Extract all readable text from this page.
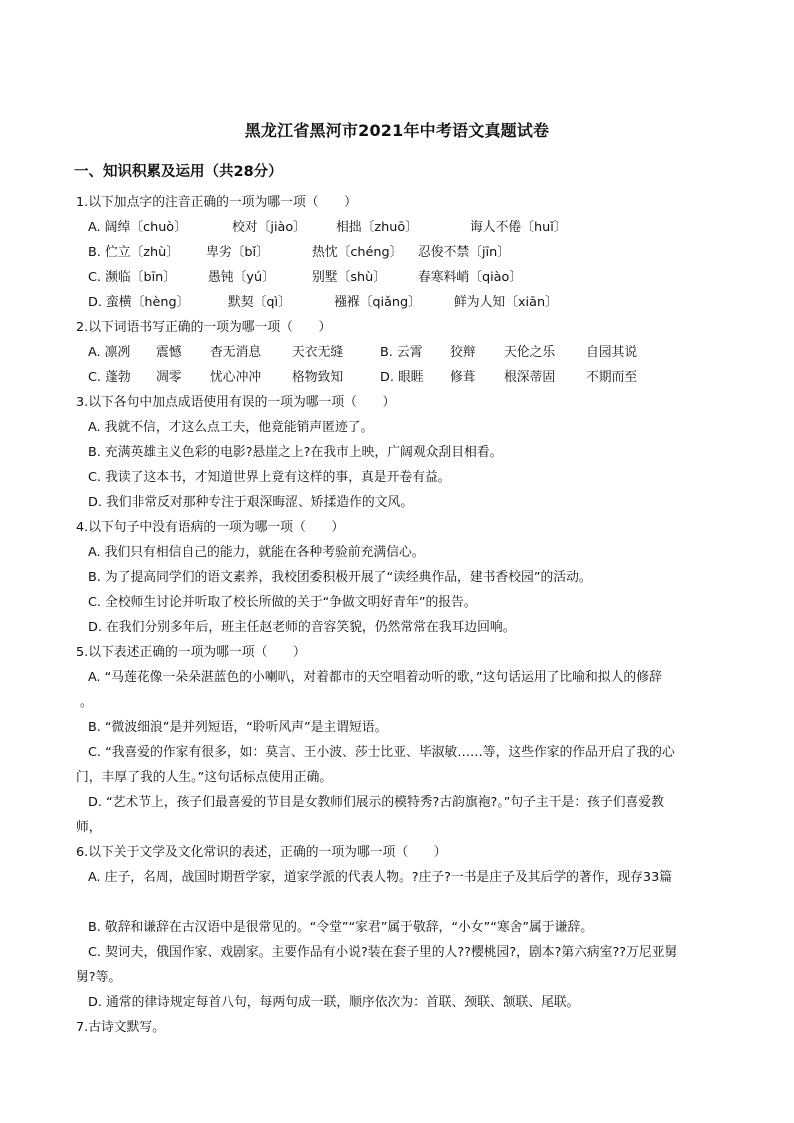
黑龙江省黑河市2021年中考语文真题试卷
一、知识积累及运用（共28分）
1.以下加点字的注音正确的一项为哪一项（　　）
A. 阔绰〔chuò〕	校对〔jiào〕 相拙〔zhuō〕	诲人不倦〔huǐ〕
B. 伫立〔zhù〕 卑劣〔bǐ〕	热忱〔chéng〕 忍俊不禁〔jīn〕
C. 濒临〔bīn〕 愚钝〔yú〕	别墅〔shù〕 春寒料峭〔qiào〕
D. 蛮横〔hèng〕	默契〔qì〕	襁褓〔qiǎng〕	鲜为人知〔xiān〕
2.以下词语书写正确的一项为哪一项（　　）
A. 凛冽 震憾 杳无消息 天衣无缝	B. 云霄 狡辩 天伦之乐 自园其说
C. 蓬勃 凋零 忧心冲冲 格物致知	D. 眼睚 修葺 根深蒂固 不期而至
3.以下各句中加点成语使用有误的一项为哪一项（　　）
A. 我就不信，才这么点工夫，他竟能销声匿迹了。
B. 充满英雄主义色彩的电影?悬崖之上?在我市上映，广阔观众刮目相看。
C. 我读了这本书，才知道世界上竟有这样的事，真是开卷有益。
D. 我们非常反对那种专注于艰深晦涩、矫揉造作的文风。
4.以下句子中没有语病的一项为哪一项（　　）
A. 我们只有相信自己的能力，就能在各种考验前充满信心。
B. 为了提高同学们的语文素养，我校团委积极开展了“读经典作品，建书香校园”的活动。
C. 全校师生讨论并听取了校长所做的关于“争做文明好青年”的报告。
D. 在我们分别多年后，班主任赵老师的音容笑貌，仍然常常在我耳边回响。
5.以下表述正确的一项为哪一项（　　）
A. “马莲花像一朵朵湛蓝色的小喇叭，对着都市的天空唱着动听的歌，”这句话运用了比喻和拟人的修辞
。
B. “微波细浪”是并列短语，“聆听风声”是主谓短语。
C. “我喜爱的作家有很多，如：莫言、王小波、莎士比亚、毕淑敏……等，这些作家的作品开启了我的心
门，丰厚了我的人生。”这句话标点使用正确。
D. “艺术节上，孩子们最喜爱的节目是女教师们展示的模特秀?古韵旗袍?。”句子主干是：孩子们喜爱教
师，
6.以下关于文学及文化常识的表述，正确的一项为哪一项（　　）
A. 庄子，名周，战国时期哲学家，道家学派的代表人物。?庄子?一书是庄子及其后学的著作，现存33篇
B. 敬辞和谦辞在古汉语中是很常见的。“令堂”“家君”属于敬辞，“小女”“寒舍”属于谦辞。
C. 契诃夫，俄国作家、戏剧家。主要作品有小说?装在套子里的人??樱桃园?，剧本?第六病室??万尼亚舅
舅?等。
D. 通常的律诗规定每首八句，每两句成一联，顺序依次为：首联、颈联、颔联、尾联。
7.古诗文默写。
